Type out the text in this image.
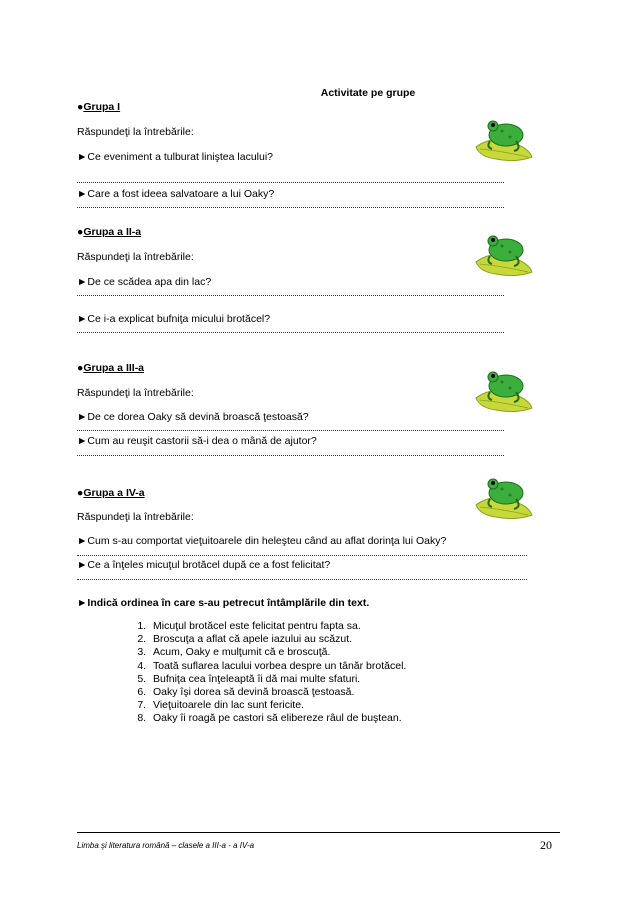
Activitate pe grupe
●Grupa I
Răspundeţi la întrebările:
►Ce eveniment a tulburat liniştea lacului?
►Care a fost ideea salvatoare a lui Oaky?
●Grupa a II-a
Răspundeţi la întrebările:
►De ce scădea apa din lac?
►Ce i-a explicat bufniţa micului brotăcel?
●Grupa a III-a
Răspundeţi la întrebările:
►De ce dorea Oaky să devină broască ţestoasă?
►Cum au reuşit castorii să-i dea o mână de ajutor?
●Grupa a IV-a
Răspundeţi la întrebările:
►Cum s-au comportat vieţuitoarele din heleşteu când au aflat dorinţa lui Oaky?
►Ce a înţeles micuţul brotăcel după ce a fost felicitat?
►Indică ordinea în care s-au petrecut întâmplările din text.
1. Micuţul brotăcel este felicitat pentru fapta sa.
2. Broscuţa a aflat că apele iazului au scăzut.
3. Acum, Oaky e mulţumit că e broscuţă.
4. Toată suflarea lacului vorbea despre un tânăr brotăcel.
5. Bufniţa cea înţeleaptă îi dă mai multe sfaturi.
6. Oaky îşi dorea să devină broască ţestoasă.
7. Vieţuitoarele din lac sunt fericite.
8. Oaky îi roagă pe castori să elibereze râul de buştean.
Limba şi literatura română – clasele a III-a - a IV-a	20
